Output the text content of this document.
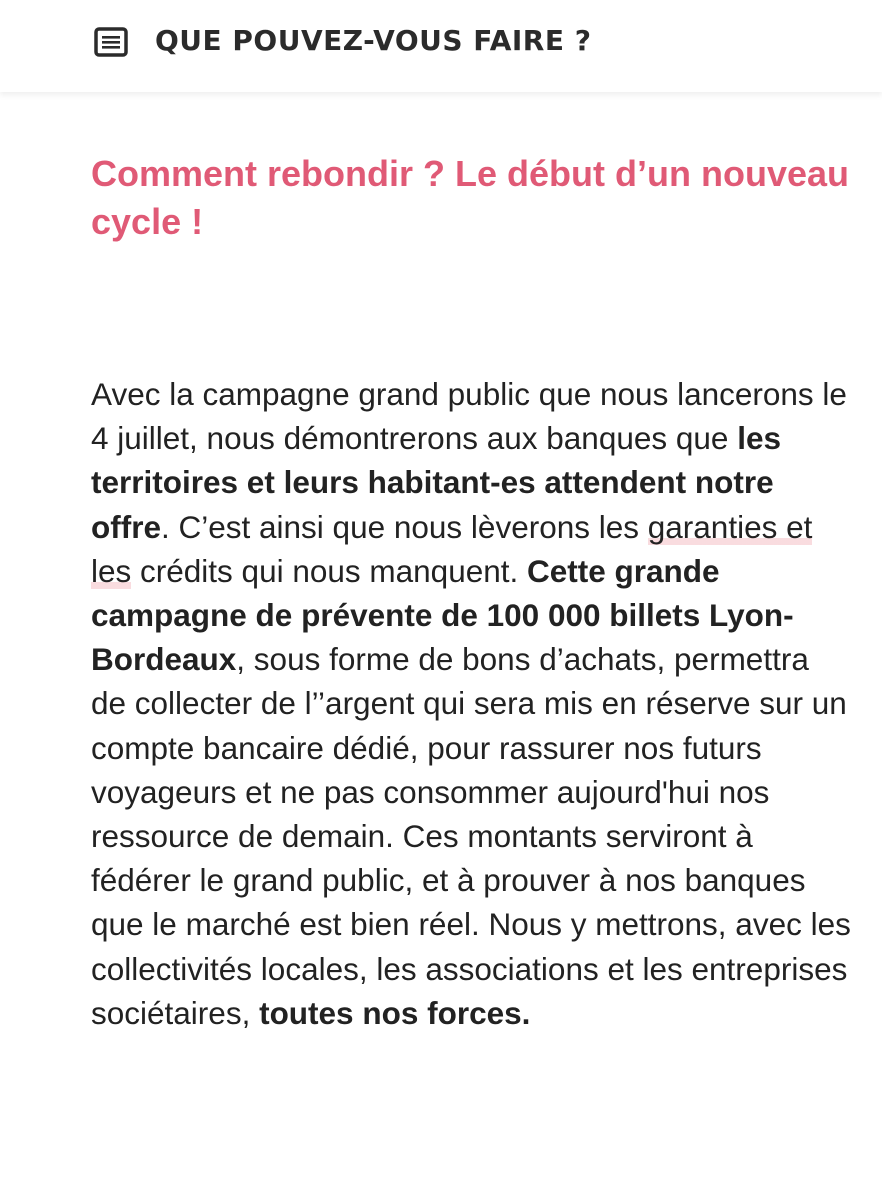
QUE POUVEZ-VOUS FAIRE ?
Comment rebondir ? Le début d’un nouveau cycle !

Avec la campagne grand public que nous lancerons le 4 juillet, nous démontrerons aux banques que les territoires et leurs habitant-es attendent notre offre. C’est ainsi que nous lèverons les garanties et les crédits qui nous manquent. Cette grande campagne de prévente de 100 000 billets Lyon-Bordeaux, sous forme de bons d’achats, permettra de collecter de l’’argent qui sera mis en réserve sur un compte bancaire dédié, pour rassurer nos futurs voyageurs et ne pas consommer aujourd'hui nos ressource de demain. Ces montants serviront à fédérer le grand public, et à prouver à nos banques que le marché est bien réel. Nous y mettrons, avec les collectivités locales, les associations et les entreprises sociétaires, toutes nos forces.
